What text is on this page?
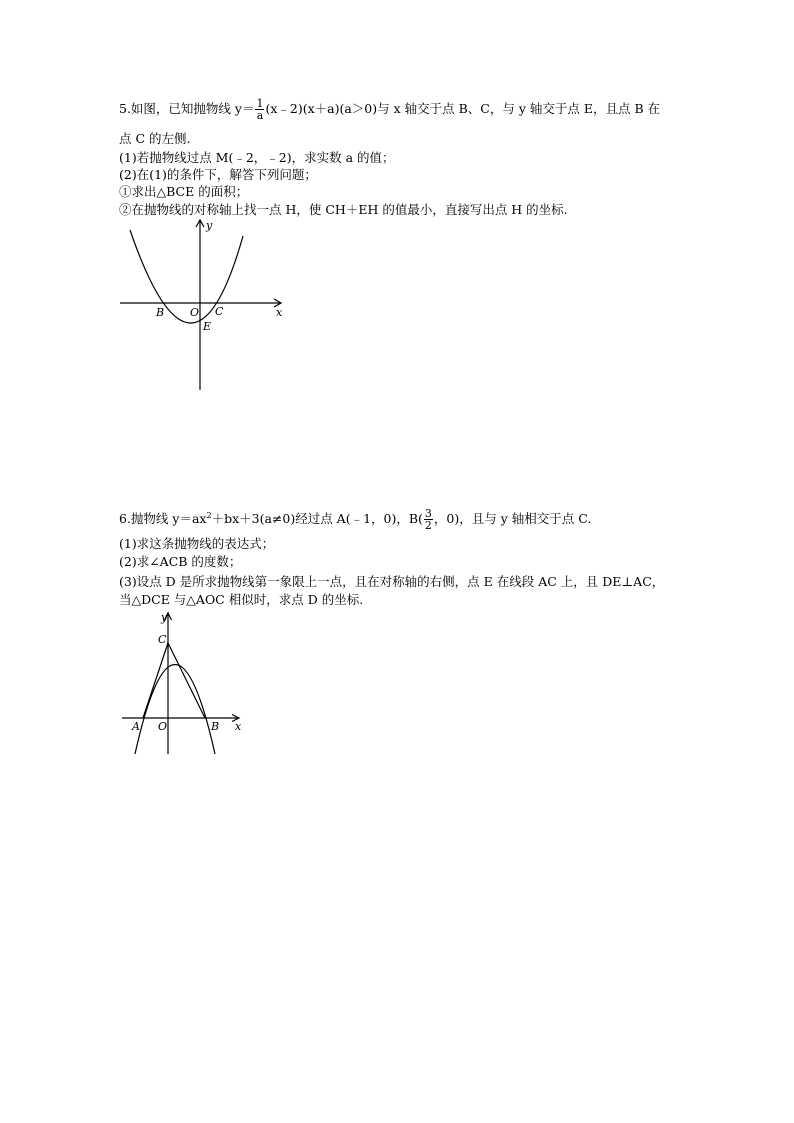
5.如图，已知抛物线 $y= \frac{1}{a}$ (x﹣2)(x＋a)(a＞0)与 x 轴交于点 B、C，与 y 轴交于点 E，且点 B 在
点 C 的左侧.
(1)若抛物线过点 M(﹣2，﹣2)，求实数 a 的值；
(2)在(1)的条件下，解答下列问题；
①求出△BCE 的面积；
②在抛物线的对称轴上找一点 H，使 CH＋EH 的值最小，直接写出点 H 的坐标.
y
x
B O C
E
6.抛物线 $y=ax^2+bx+3(a\ne 0)$经过点 A(﹣1，0)，$B( \frac{3}{2}$ ，0)，且与 y 轴相交于点 C.
(1)求这条抛物线的表达式；
(2)求∠ACB 的度数；
(3)设点 D 是所求抛物线第一象限上一点，且在对称轴的右侧，点 E 在线段 AC 上，且 DE⊥AC，
当△DCE 与△AOC 相似时，求点 D 的坐标.
y
x
C
A O	B
